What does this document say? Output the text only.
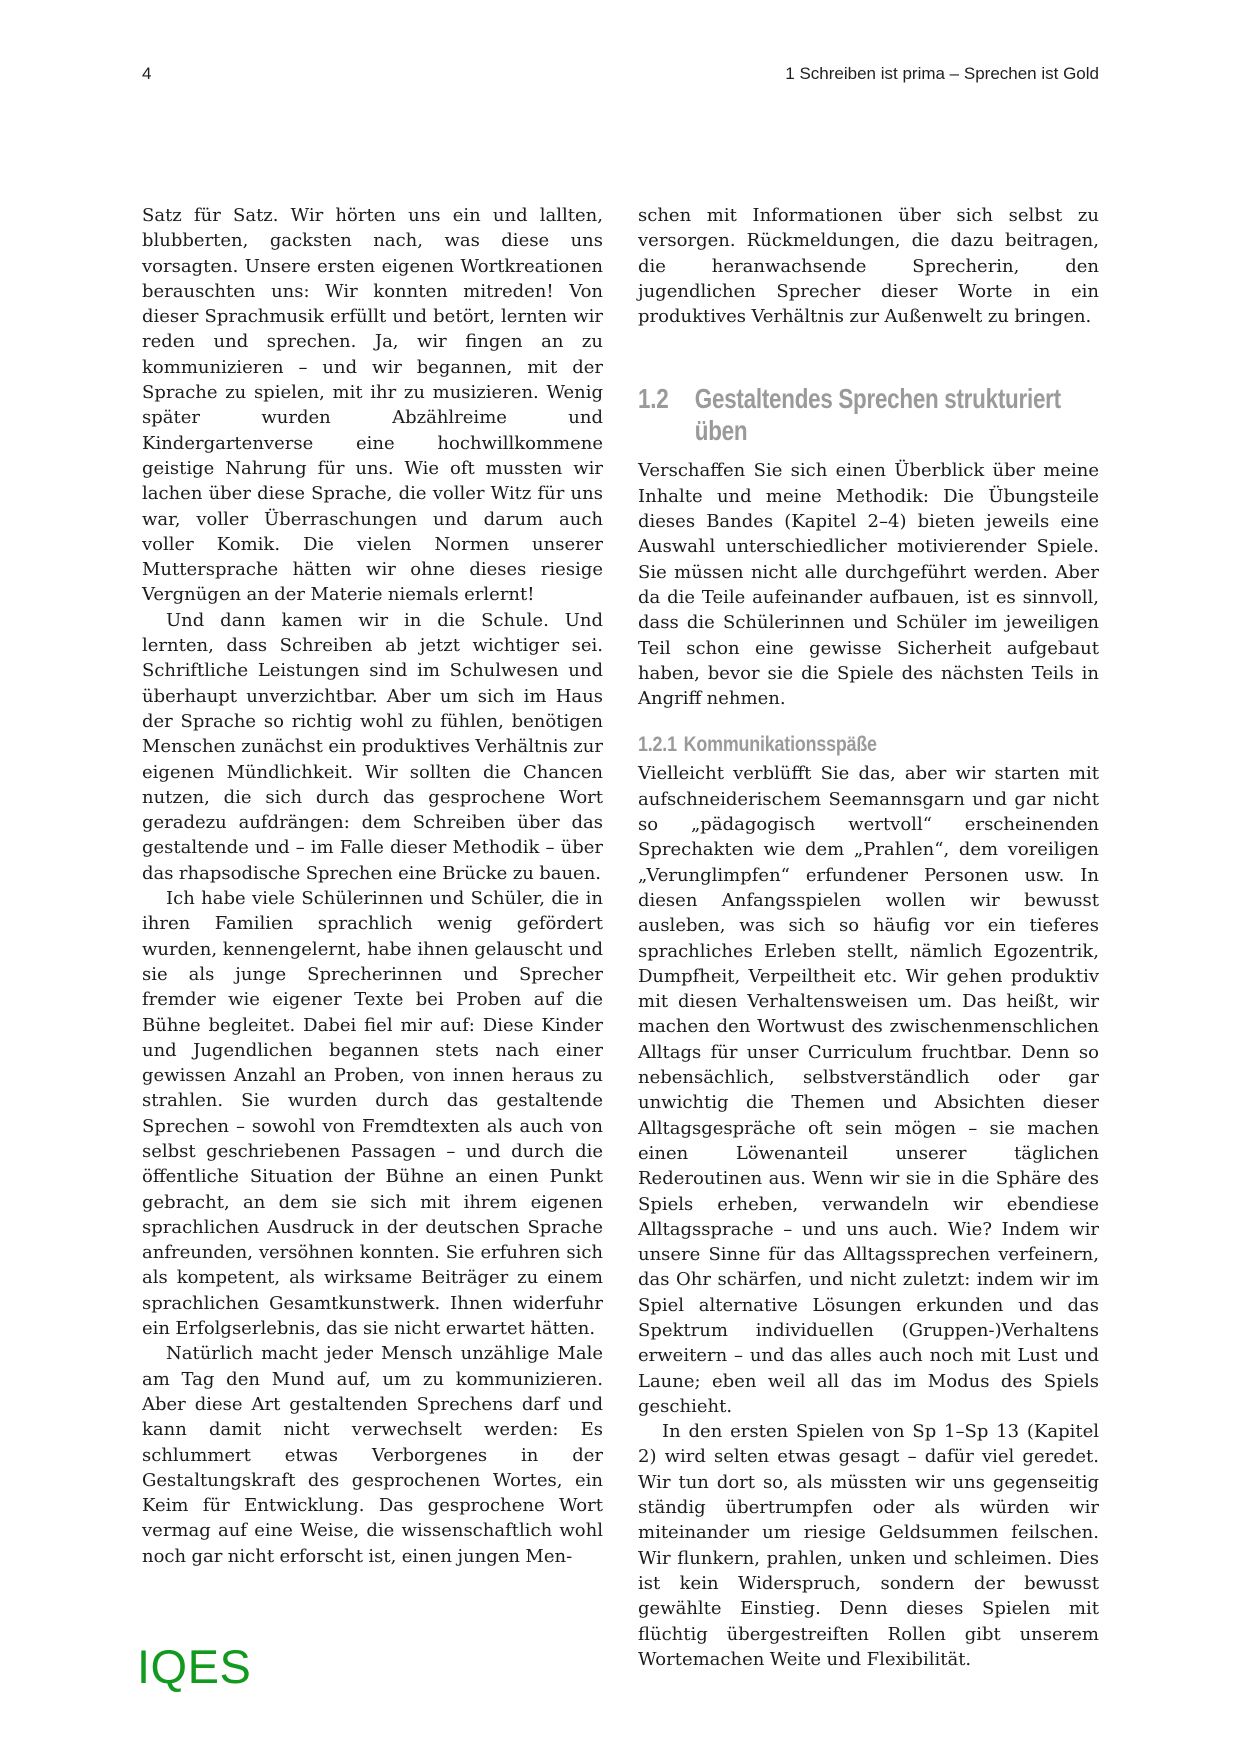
4	1 Schreiben ist prima – Sprechen ist Gold

Satz für Satz. Wir hörten uns ein und lallten, blubberten, gacksten nach, was diese uns vorsagten. Unsere ersten eigenen Wortkreationen berauschten uns: Wir konnten mitreden! Von dieser Sprachmusik erfüllt und betört, lernten wir reden und sprechen. Ja, wir fingen an zu kommunizieren – und wir begannen, mit der Sprache zu spielen, mit ihr zu musizieren. Wenig später wurden Abzählreime und Kindergartenverse eine hochwillkommene geistige Nahrung für uns. Wie oft mussten wir lachen über diese Sprache, die voller Witz für uns war, voller Überraschungen und darum auch voller Komik. Die vielen Normen unserer Muttersprache hätten wir ohne dieses riesige Vergnügen an der Materie niemals erlernt!

Und dann kamen wir in die Schule. Und lernten, dass Schreiben ab jetzt wichtiger sei. Schriftliche Leistungen sind im Schulwesen und überhaupt unverzichtbar. Aber um sich im Haus der Sprache so richtig wohl zu fühlen, benötigen Menschen zunächst ein produktives Verhältnis zur eigenen Mündlichkeit. Wir sollten die Chancen nutzen, die sich durch das gesprochene Wort geradezu aufdrängen: dem Schreiben über das gestaltende und – im Falle dieser Methodik – über das rhapsodische Sprechen eine Brücke zu bauen.

Ich habe viele Schülerinnen und Schüler, die in ihren Familien sprachlich wenig gefördert wurden, kennengelernt, habe ihnen gelauscht und sie als junge Sprecherinnen und Sprecher fremder wie eigener Texte bei Proben auf die Bühne begleitet. Dabei fiel mir auf: Diese Kinder und Jugendlichen begannen stets nach einer gewissen Anzahl an Proben, von innen heraus zu strahlen. Sie wurden durch das gestaltende Sprechen – sowohl von Fremdtexten als auch von selbst geschriebenen Passagen – und durch die öffentliche Situation der Bühne an einen Punkt gebracht, an dem sie sich mit ihrem eigenen sprachlichen Ausdruck in der deutschen Sprache anfreunden, versöhnen konnten. Sie erfuhren sich als kompetent, als wirksame Beiträger zu einem sprachlichen Gesamtkunstwerk. Ihnen widerfuhr ein Erfolgserlebnis, das sie nicht erwartet hätten.

Natürlich macht jeder Mensch unzählige Male am Tag den Mund auf, um zu kommunizieren. Aber diese Art gestaltenden Sprechens darf und kann damit nicht verwechselt werden: Es schlummert etwas Verborgenes in der Gestaltungskraft des gesprochenen Wortes, ein Keim für Entwicklung. Das gesprochene Wort vermag auf eine Weise, die wissenschaftlich wohl noch gar nicht erforscht ist, einen jungen Men-

schen mit Informationen über sich selbst zu versorgen. Rückmeldungen, die dazu beitragen, die heranwachsende Sprecherin, den jugendlichen Sprecher dieser Worte in ein produktives Verhältnis zur Außenwelt zu bringen.

1.2 Gestaltendes Sprechen strukturiert üben

Verschaffen Sie sich einen Überblick über meine Inhalte und meine Methodik: Die Übungsteile dieses Bandes (Kapitel 2–4) bieten jeweils eine Auswahl unterschiedlicher motivierender Spiele. Sie müssen nicht alle durchgeführt werden. Aber da die Teile aufeinander aufbauen, ist es sinnvoll, dass die Schülerinnen und Schüler im jeweiligen Teil schon eine gewisse Sicherheit aufgebaut haben, bevor sie die Spiele des nächsten Teils in Angriff nehmen.

1.2.1 Kommunikationsspäße

Vielleicht verblüfft Sie das, aber wir starten mit aufschneiderischem Seemannsgarn und gar nicht so „pädagogisch wertvoll“ erscheinenden Sprechakten wie dem „Prahlen“, dem voreiligen „Verunglimpfen“ erfundener Personen usw. In diesen Anfangsspielen wollen wir bewusst ausleben, was sich so häufig vor ein tieferes sprachliches Erleben stellt, nämlich Egozentrik, Dumpfheit, Verpeiltheit etc. Wir gehen produktiv mit diesen Verhaltensweisen um. Das heißt, wir machen den Wortwust des zwischenmenschlichen Alltags für unser Curriculum fruchtbar. Denn so nebensächlich, selbstverständlich oder gar unwichtig die Themen und Absichten dieser Alltagsgespräche oft sein mögen – sie machen einen Löwenanteil unserer täglichen Rederoutinen aus. Wenn wir sie in die Sphäre des Spiels erheben, verwandeln wir ebendiese Alltagssprache – und uns auch. Wie? Indem wir unsere Sinne für das Alltagssprechen verfeinern, das Ohr schärfen, und nicht zuletzt: indem wir im Spiel alternative Lösungen erkunden und das Spektrum individuellen (Gruppen-)Verhaltens erweitern – und das alles auch noch mit Lust und Laune; eben weil all das im Modus des Spiels geschieht.

In den ersten Spielen von Sp 1–Sp 13 (Kapitel 2) wird selten etwas gesagt – dafür viel geredet. Wir tun dort so, als müssten wir uns gegenseitig ständig übertrumpfen oder als würden wir miteinander um riesige Geldsummen feilschen. Wir flunkern, prahlen, unken und schleimen. Dies ist kein Widerspruch, sondern der bewusst gewählte Einstieg. Denn dieses Spielen mit flüchtig übergestreiften Rollen gibt unserem Wortemachen Weite und Flexibilität.

IQES
